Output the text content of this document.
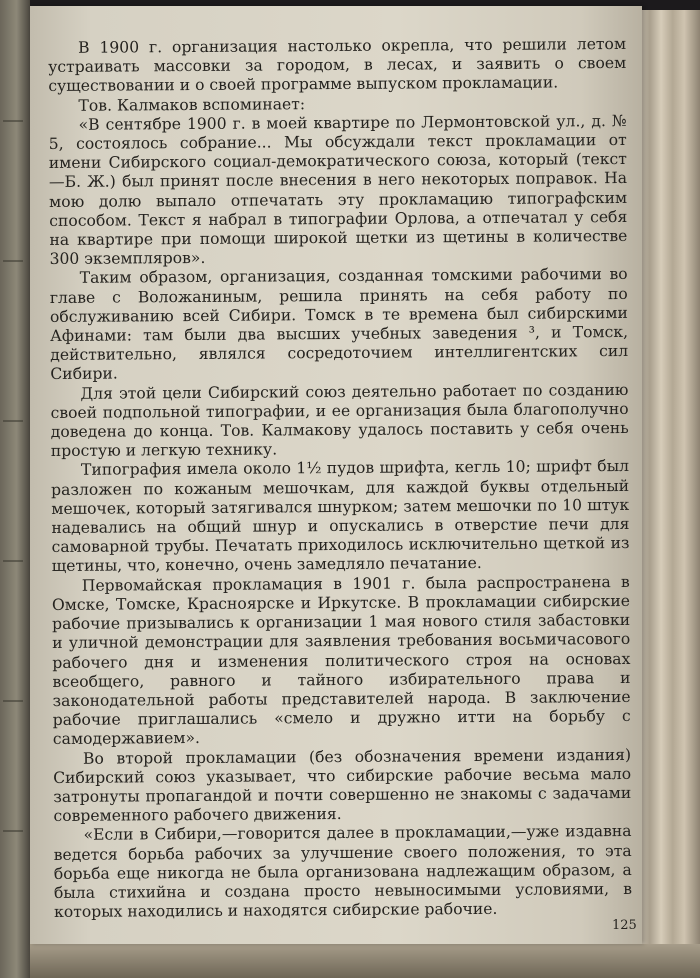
В 1900 г. организация настолько окрепла, что решили летом устраивать массовки за городом, в лесах, и заявить о своем существовании и о своей программе выпуском прокламации.

Тов. Калмаков вспоминает:

«В сентябре 1900 г. в моей квартире по Лермонтовской ул., д. № 5, состоялось собрание... Мы обсуждали текст прокламации от имени Сибирского социал-демократического союза, который (текст—Б. Ж.) был принят после внесения в него некоторых поправок. На мою долю выпало отпечатать эту прокламацию типографским способом. Текст я набрал в типографии Орлова, а отпечатал у себя на квартире при помощи широкой щетки из щетины в количестве 300 экземпляров».

Таким образом, организация, созданная томскими рабочими во главе с Воложаниным, решила принять на себя работу по обслуживанию всей Сибири. Томск в те времена был сибирскими Афинами: там были два высших учебных заведения ³, и Томск, действительно, являлся сосредоточием интеллигентских сил Сибири.

Для этой цели Сибирский союз деятельно работает по созданию своей подпольной типографии, и ее организация была благополучно доведена до конца. Тов. Калмакову удалось поставить у себя очень простую и легкую технику.

Типография имела около 1½ пудов шрифта, кегль 10; шрифт был разложен по кожаным мешочкам, для каждой буквы отдельный мешочек, который затягивался шнурком; затем мешочки по 10 штук надевались на общий шнур и опускались в отверстие печи для самоварной трубы. Печатать приходилось исключительно щеткой из щетины, что, конечно, очень замедляло печатание.

Первомайская прокламация в 1901 г. была распространена в Омске, Томске, Красноярске и Иркутске. В прокламации сибирские рабочие призывались к организации 1 мая нового стиля забастовки и уличной демонстрации для заявления требования восьмичасового рабочего дня и изменения политического строя на основах всеобщего, равного и тайного избирательного права и законодательной работы представителей народа. В заключение рабочие приглашались «смело и дружно итти на борьбу с самодержавием».

Во второй прокламации (без обозначения времени издания) Сибирский союз указывает, что сибирские рабочие весьма мало затронуты пропагандой и почти совершенно не знакомы с задачами современного рабочего движения.

«Если в Сибири,—говорится далее в прокламации,—уже издавна ведется борьба рабочих за улучшение своего положения, то эта борьба еще никогда не была организована надлежащим образом, а была стихийна и создана просто невыносимыми условиями, в которых находились и находятся сибирские рабочие.

125
